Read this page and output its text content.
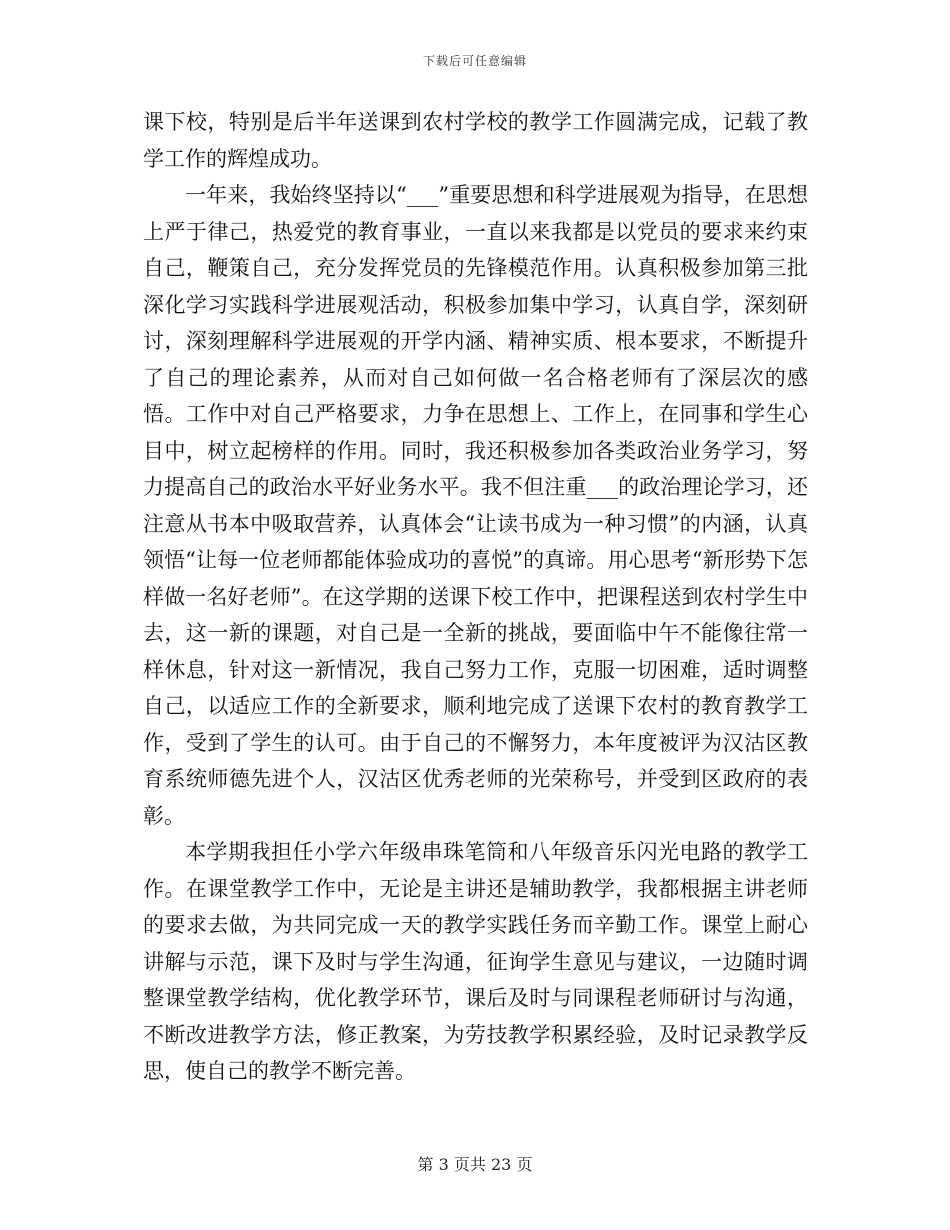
下载后可任意编辑

课下校，特别是后半年送课到农村学校的教学工作圆满完成，记载了教学工作的辉煌成功。

一年来，我始终坚持以“___”重要思想和科学进展观为指导，在思想上严于律己，热爱党的教育事业，一直以来我都是以党员的要求来约束自己，鞭策自己，充分发挥党员的先锋模范作用。认真积极参加第三批深化学习实践科学进展观活动，积极参加集中学习，认真自学，深刻研讨，深刻理解科学进展观的开学内涵、精神实质、根本要求，不断提升了自己的理论素养，从而对自己如何做一名合格老师有了深层次的感悟。工作中对自己严格要求，力争在思想上、工作上，在同事和学生心目中，树立起榜样的作用。同时，我还积极参加各类政治业务学习，努力提高自己的政治水平好业务水平。我不但注重___的政治理论学习，还注意从书本中吸取营养，认真体会“让读书成为一种习惯”的内涵，认真领悟“让每一位老师都能体验成功的喜悦”的真谛。用心思考“新形势下怎样做一名好老师”。在这学期的送课下校工作中，把课程送到农村学生中去，这一新的课题，对自己是一全新的挑战，要面临中午不能像往常一样休息，针对这一新情况，我自己努力工作，克服一切困难，适时调整自己，以适应工作的全新要求，顺利地完成了送课下农村的教育教学工作，受到了学生的认可。由于自己的不懈努力，本年度被评为汉沽区教育系统师德先进个人，汉沽区优秀老师的光荣称号，并受到区政府的表彰。

本学期我担任小学六年级串珠笔筒和八年级音乐闪光电路的教学工作。在课堂教学工作中，无论是主讲还是辅助教学，我都根据主讲老师的要求去做，为共同完成一天的教学实践任务而辛勤工作。课堂上耐心讲解与示范，课下及时与学生沟通，征询学生意见与建议，一边随时调整课堂教学结构，优化教学环节，课后及时与同课程老师研讨与沟通，不断改进教学方法，修正教案，为劳技教学积累经验，及时记录教学反思，使自己的教学不断完善。

第 3 页共 23 页
